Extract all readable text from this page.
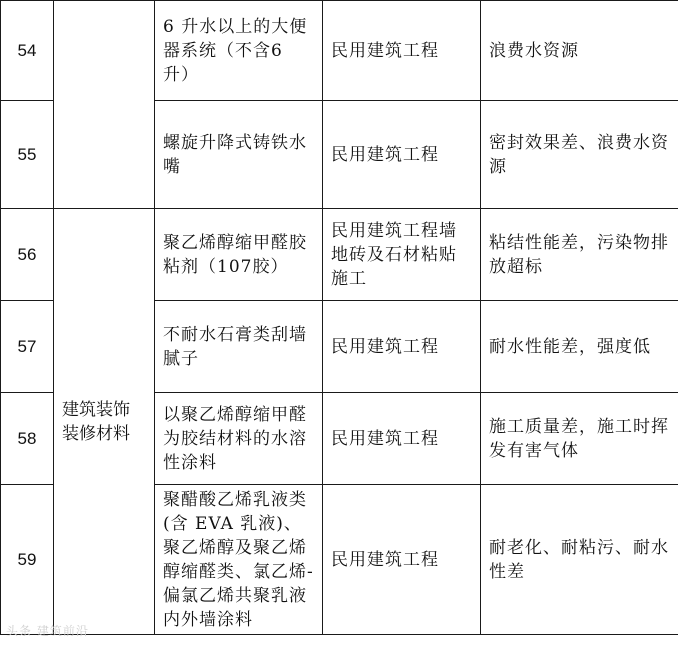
54		6 升水以上的大便器系统（不含6 升）	民用建筑工程	浪费水资源
55		螺旋升降式铸铁水嘴	民用建筑工程	密封效果差、浪费水资源
56	建筑装饰装修材料	聚乙烯醇缩甲醛胶粘剂（107胶）	民用建筑工程墙地砖及石材粘贴施工	粘结性能差，污染物排放超标
57		不耐水石膏类刮墙腻子	民用建筑工程	耐水性能差，强度低
58		以聚乙烯醇缩甲醛为胶结材料的水溶性涂料	民用建筑工程	施工质量差，施工时挥发有害气体
59		聚醋酸乙烯乳液类(含 EVA 乳液)、聚乙烯醇及聚乙烯醇缩醛类、氯乙烯-偏氯乙烯共聚乳液内外墙涂料	民用建筑工程	耐老化、耐粘污、耐水性差
头条 建筑前沿
